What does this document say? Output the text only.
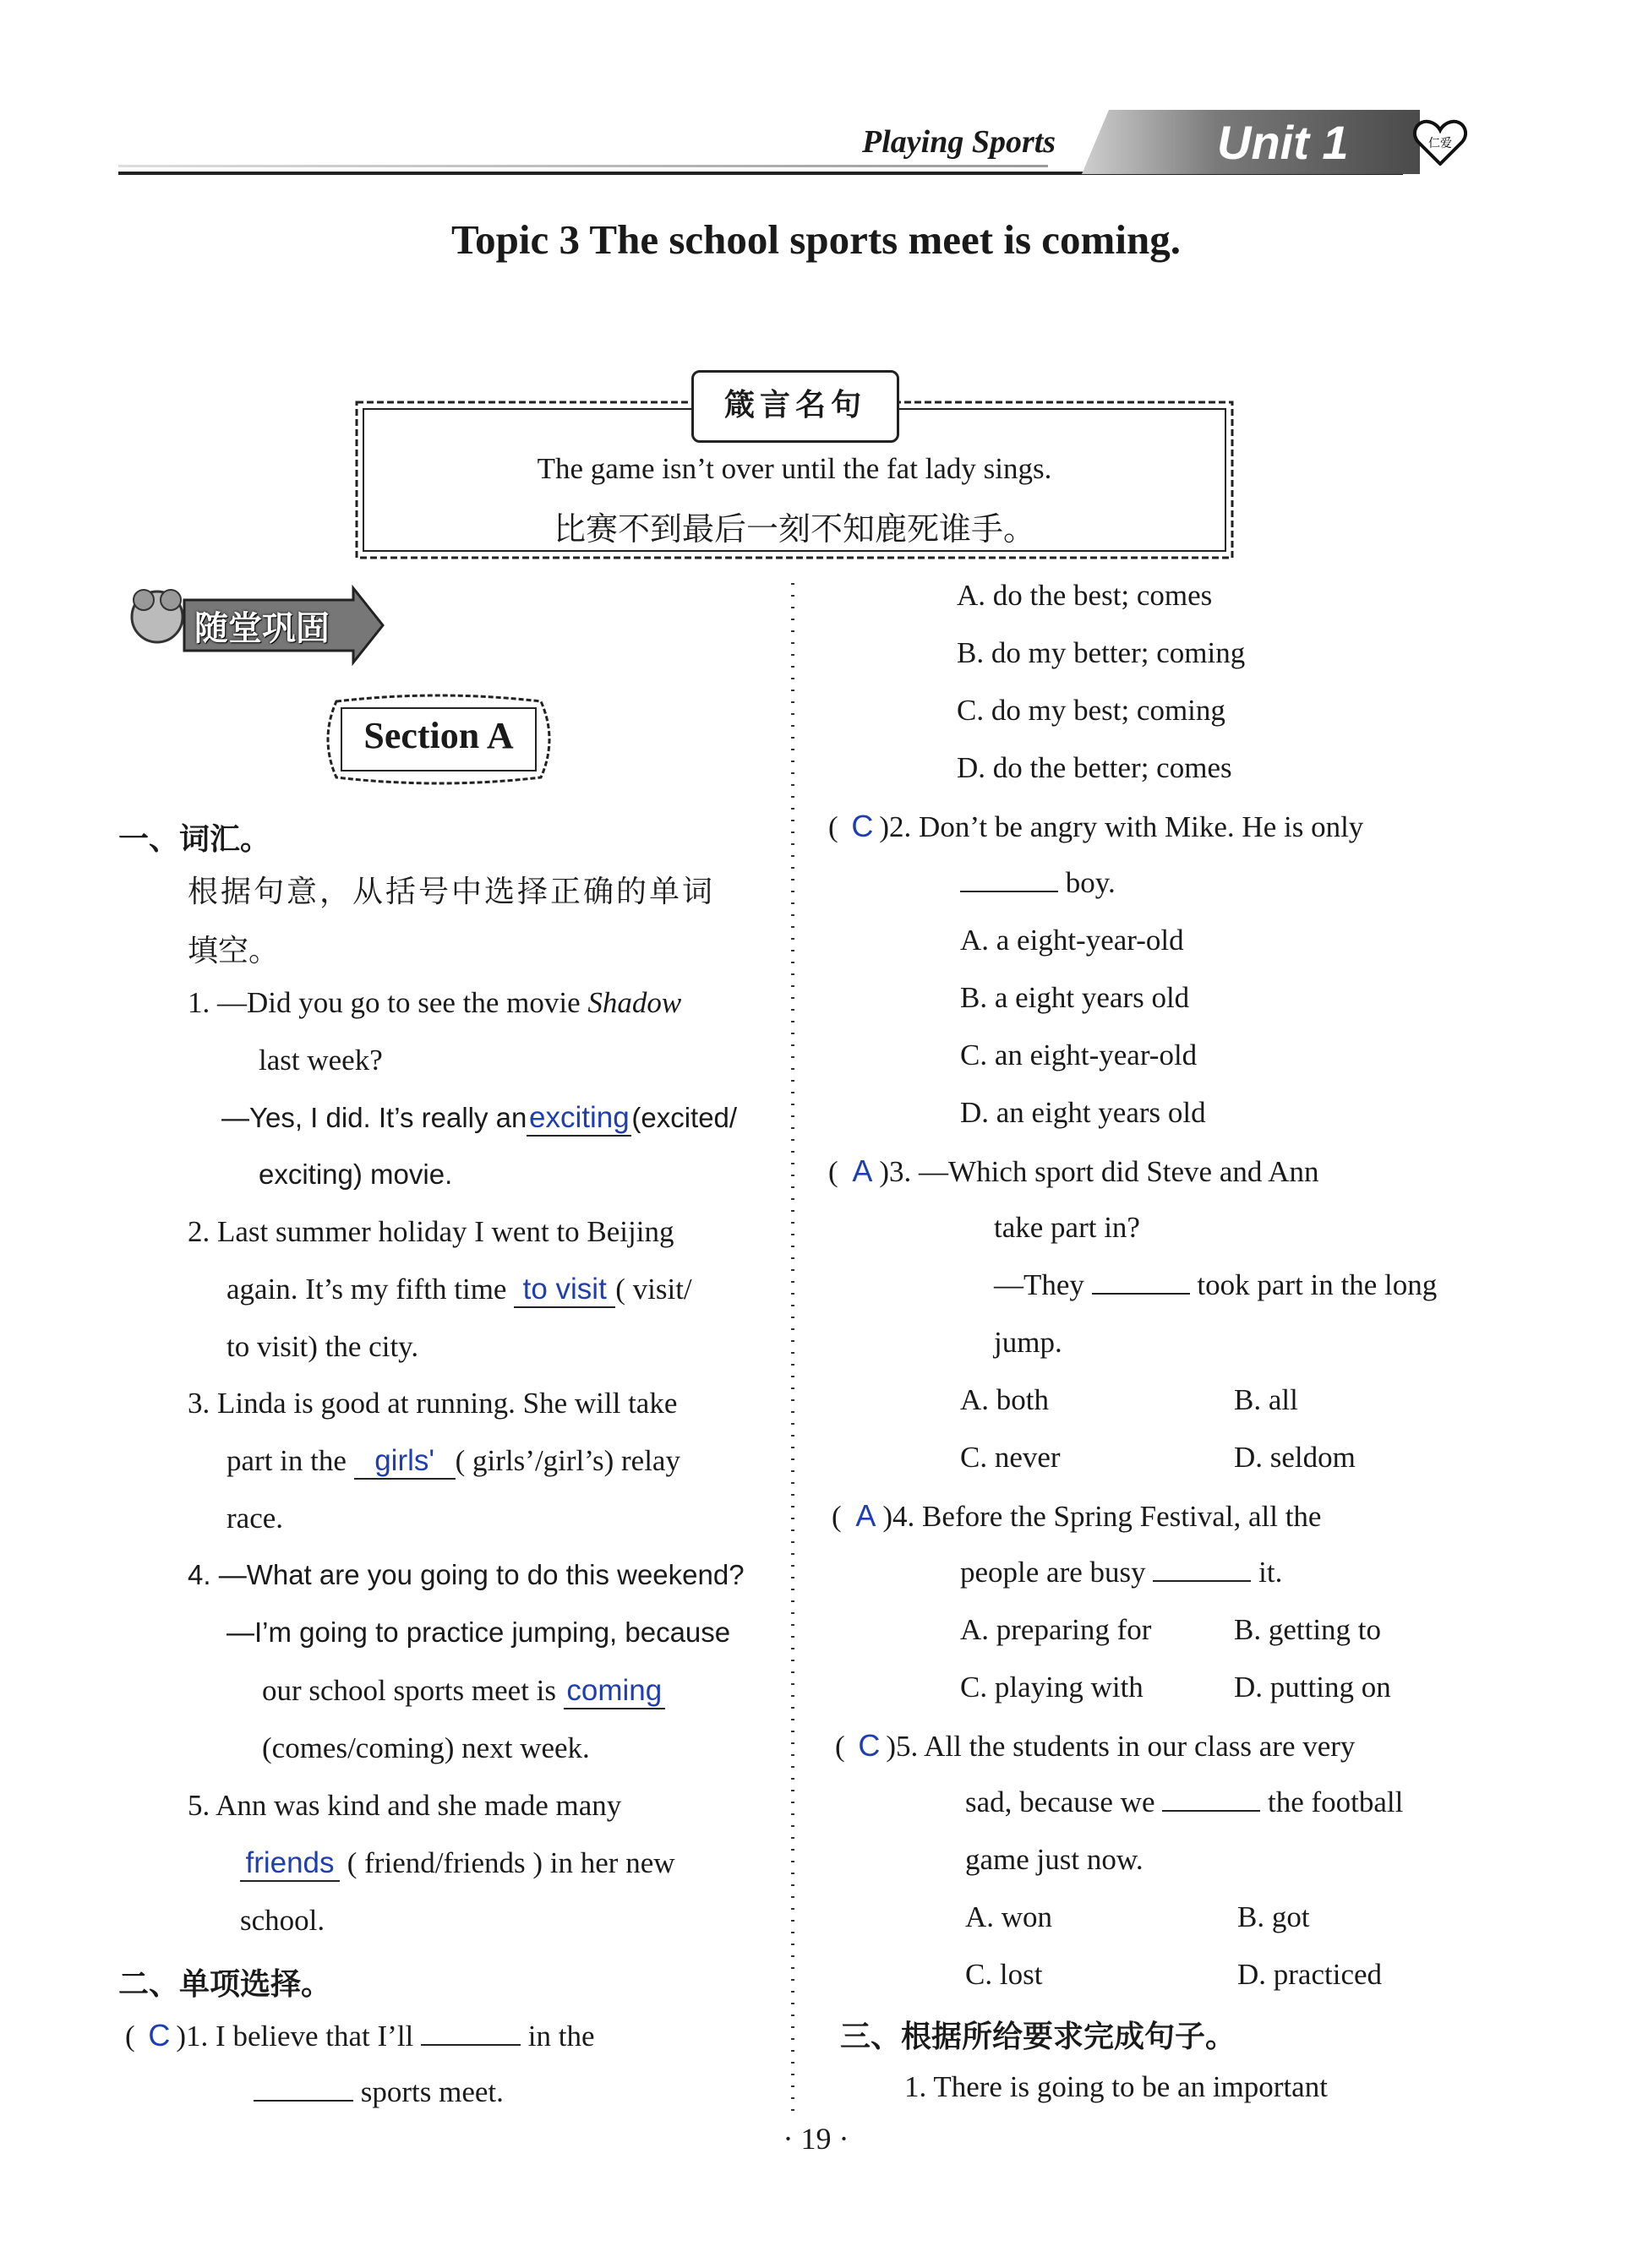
Playing Sports	Unit 1	仁爱
Topic 3 The school sports meet is coming.
箴言名句
The game isn’t over until the fat lady sings.
比赛不到最后一刻不知鹿死谁手。
随堂巩固
Section A
一、词汇。
根据句意，从括号中选择正确的单词
填空。
1. —Did you go to see the movie Shadow
last week?
—Yes, I did. It’s really anexciting(excited/
exciting) movie.
2. Last summer holiday I went to Beijing
again. It’s my fifth time to visit ( visit/
to visit) the city.
3. Linda is good at running. She will take
part in the girls' ( girls’/girl’s) relay
race.
4. —What are you going to do this weekend?
—I’m going to practice jumping, because
our school sports meet is coming
(comes/coming) next week.
5. Ann was kind and she made many
friends ( friend/friends ) in her new
school.
二、单项选择。
( C )1. I believe that I’ll	in the
sports meet.
A. do the best; comes
B. do my better; coming
C. do my best; coming
D. do the better; comes
( C )2. Don’t be angry with Mike. He is only
boy.
A. a eight-year-old
B. a eight years old
C. an eight-year-old
D. an eight years old
( A )3. —Which sport did Steve and Ann
take part in?
—They	took part in the long
jump.
A. both	B. all
C. never	D. seldom
( A )4. Before the Spring Festival, all the
people are busy	it.
A. preparing for	B. getting to
C. playing with	D. putting on
( C )5. All the students in our class are very
sad, because we	the football
game just now.
A. won	B. got
C. lost	D. practiced
三、根据所给要求完成句子。
1. There is going to be an important
· 19 ·
